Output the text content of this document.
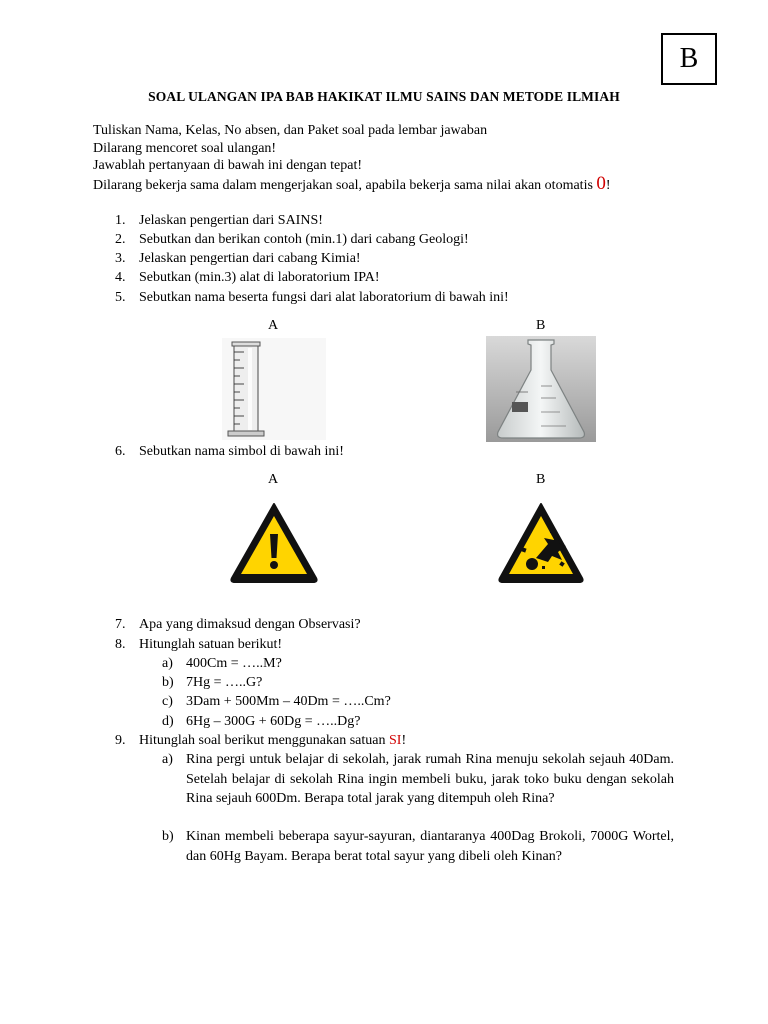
B
SOAL ULANGAN IPA BAB HAKIKAT ILMU SAINS DAN METODE ILMIAH
Tuliskan Nama, Kelas, No absen, dan Paket soal pada lembar jawaban
Dilarang mencoret soal ulangan!
Jawablah pertanyaan di bawah ini dengan tepat!
Dilarang bekerja sama dalam mengerjakan soal, apabila bekerja sama nilai akan otomatis 0!
1. Jelaskan pengertian dari SAINS!
2. Sebutkan dan berikan contoh (min.1) dari cabang Geologi!
3. Jelaskan pengertian dari cabang Kimia!
4. Sebutkan (min.3) alat di laboratorium IPA!
5. Sebutkan nama beserta fungsi dari alat laboratorium di bawah ini!
A	B
6. Sebutkan nama simbol di bawah ini!
A	B
7. Apa yang dimaksud dengan Observasi?
8. Hitunglah satuan berikut!
a) 400Cm = …..M?
b) 7Hg = …..G?
c) 3Dam + 500Mm – 40Dm = …..Cm?
d) 6Hg – 300G + 60Dg = …..Dg?
9. Hitunglah soal berikut menggunakan satuan SI!
a) Rina pergi untuk belajar di sekolah, jarak rumah Rina menuju sekolah sejauh 40Dam. Setelah belajar di sekolah Rina ingin membeli buku, jarak toko buku dengan sekolah Rina sejauh 600Dm. Berapa total jarak yang ditempuh oleh Rina?
b) Kinan membeli beberapa sayur-sayuran, diantaranya 400Dag Brokoli, 7000G Wortel, dan 60Hg Bayam. Berapa berat total sayur yang dibeli oleh Kinan?
